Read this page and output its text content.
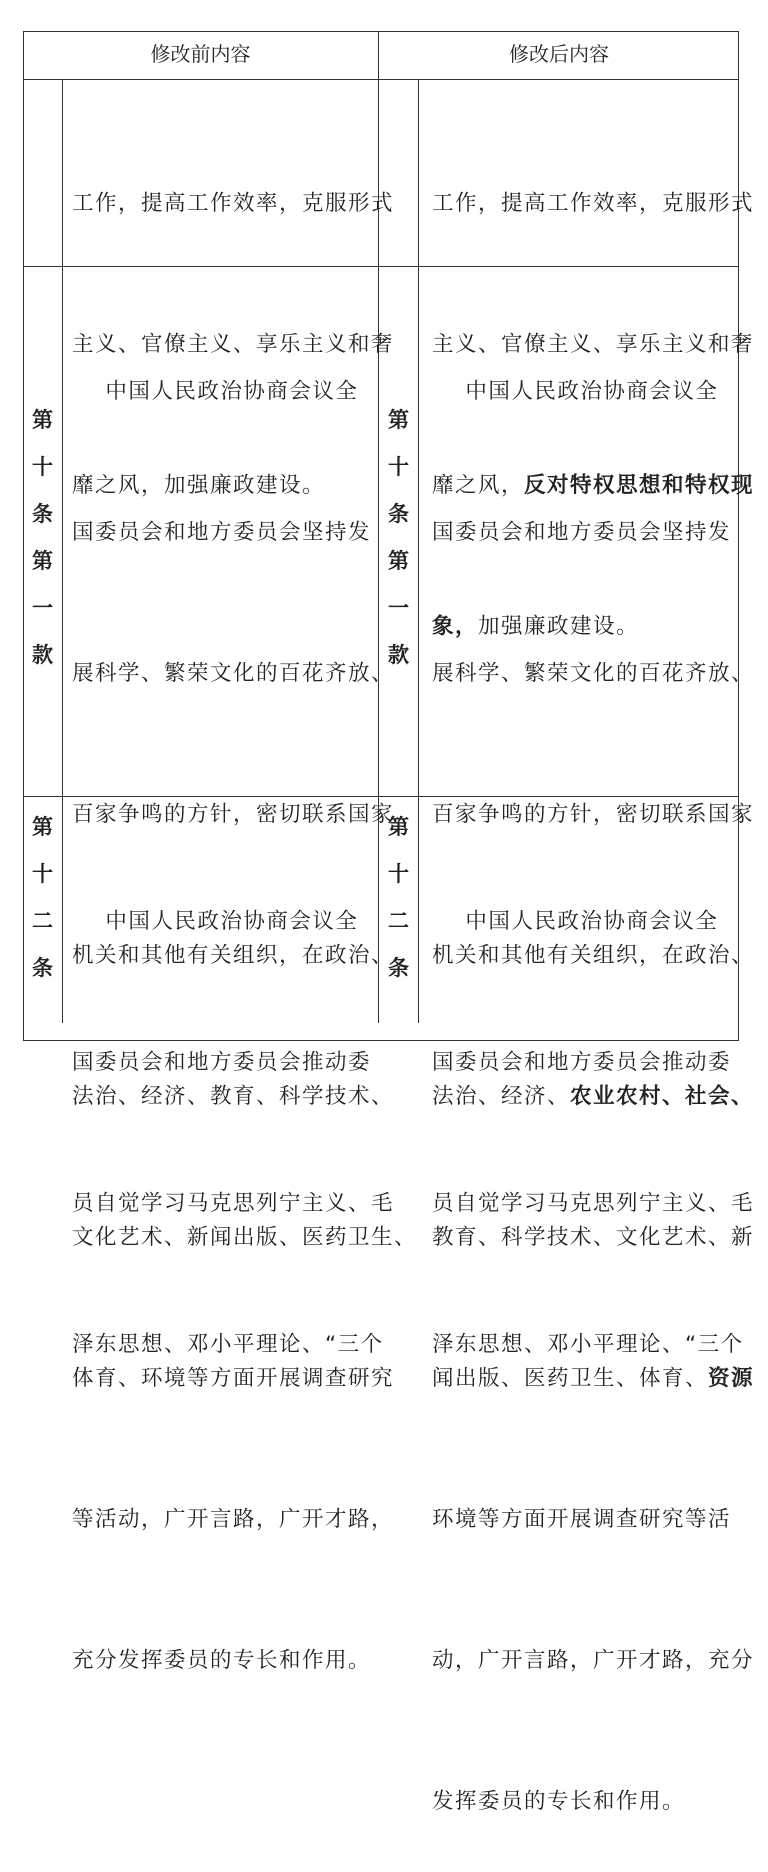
修改前内容	修改后内容

工作，提高工作效率，克服形式

主义、官僚主义、享乐主义和奢

靡之风，加强廉政建设。

工作，提高工作效率，克服形式

主义、官僚主义、享乐主义和奢

靡之风，反对特权思想和特权现

象，加强廉政建设。

第
十
条
第
一
款
第
十
条
第
一
款

中国人民政治协商会议全

国委员会和地方委员会坚持发

展科学、繁荣文化的百花齐放、

百家争鸣的方针，密切联系国家

机关和其他有关组织，在政治、

法治、经济、教育、科学技术、

文化艺术、新闻出版、医药卫生、

体育、环境等方面开展调查研究

等活动，广开言路，广开才路，

充分发挥委员的专长和作用。

中国人民政治协商会议全

国委员会和地方委员会坚持发

展科学、繁荣文化的百花齐放、

百家争鸣的方针，密切联系国家

机关和其他有关组织，在政治、

法治、经济、农业农村、社会、

教育、科学技术、文化艺术、新

闻出版、医药卫生、体育、资源

环境等方面开展调查研究等活

动，广开言路，广开才路，充分

发挥委员的专长和作用。

第
十
二
条
第
十
二
条

中国人民政治协商会议全

国委员会和地方委员会推动委

员自觉学习马克思列宁主义、毛

泽东思想、邓小平理论、“三个

中国人民政治协商会议全

国委员会和地方委员会推动委

员自觉学习马克思列宁主义、毛

泽东思想、邓小平理论、“三个
